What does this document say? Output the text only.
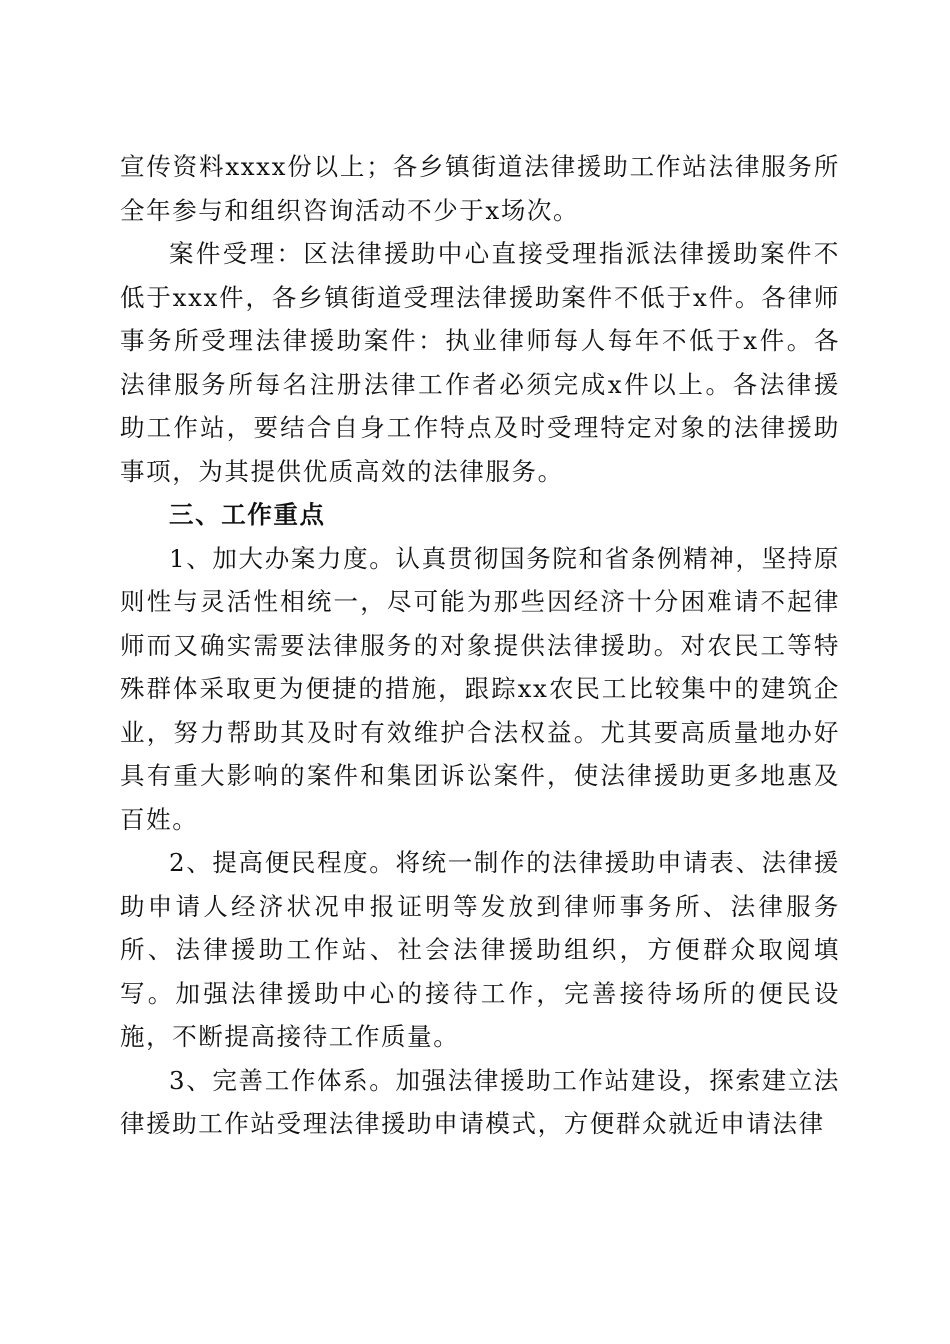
宣传资料xxxx份以上；各乡镇街道法律援助工作站法律服务所全年参与和组织咨询活动不少于x场次。

案件受理：区法律援助中心直接受理指派法律援助案件不低于xxx件，各乡镇街道受理法律援助案件不低于x件。各律师事务所受理法律援助案件：执业律师每人每年不低于x件。各法律服务所每名注册法律工作者必须完成x件以上。各法律援助工作站，要结合自身工作特点及时受理特定对象的法律援助事项，为其提供优质高效的法律服务。

三、工作重点

1、加大办案力度。认真贯彻国务院和省条例精神，坚持原则性与灵活性相统一，尽可能为那些因经济十分困难请不起律师而又确实需要法律服务的对象提供法律援助。对农民工等特殊群体采取更为便捷的措施，跟踪xx农民工比较集中的建筑企业，努力帮助其及时有效维护合法权益。尤其要高质量地办好具有重大影响的案件和集团诉讼案件，使法律援助更多地惠及百姓。

2、提高便民程度。将统一制作的法律援助申请表、法律援助申请人经济状况申报证明等发放到律师事务所、法律服务所、法律援助工作站、社会法律援助组织，方便群众取阅填写。加强法律援助中心的接待工作，完善接待场所的便民设施，不断提高接待工作质量。

3、完善工作体系。加强法律援助工作站建设，探索建立法律援助工作站受理法律援助申请模式，方便群众就近申请法律
